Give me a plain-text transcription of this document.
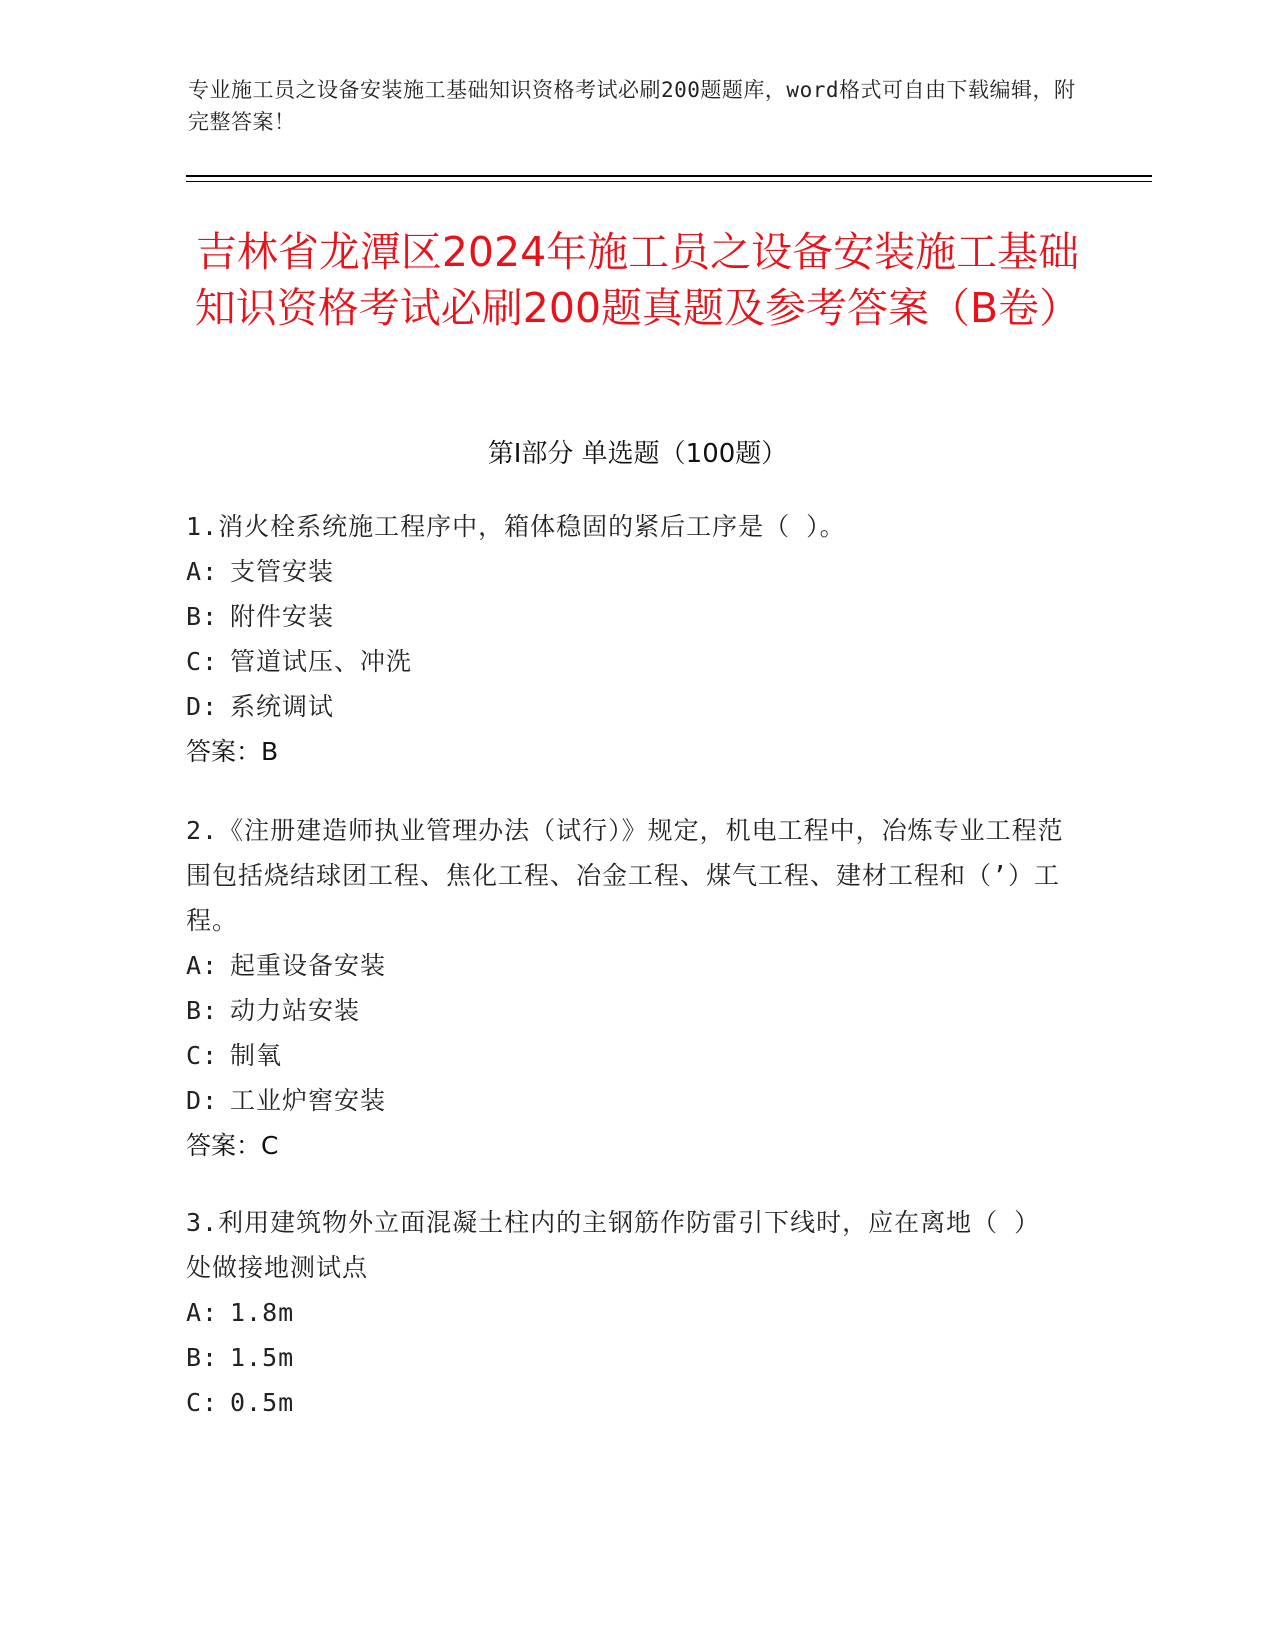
专业施工员之设备安装施工基础知识资格考试必刷200题题库，word格式可自由下载编辑，附完整答案！
吉林省龙潭区2024年施工员之设备安装施工基础知识资格考试必刷200题真题及参考答案（B卷）
第Ⅰ部分 单选题（100题）
1.消火栓系统施工程序中，箱体稳固的紧后工序是（ ）。
A: 支管安装
B: 附件安装
C: 管道试压、冲洗
D: 系统调试
答案：B
2.《注册建造师执业管理办法（试行）》规定，机电工程中，冶炼专业工程范围包括烧结球团工程、焦化工程、冶金工程、煤气工程、建材工程和（’）工程。
A: 起重设备安装
B: 动力站安装
C: 制氧
D: 工业炉窖安装
答案：C
3.利用建筑物外立面混凝土柱内的主钢筋作防雷引下线时，应在离地（ ）处做接地测试点
A: 1.8m
B: 1.5m
C: 0.5m
